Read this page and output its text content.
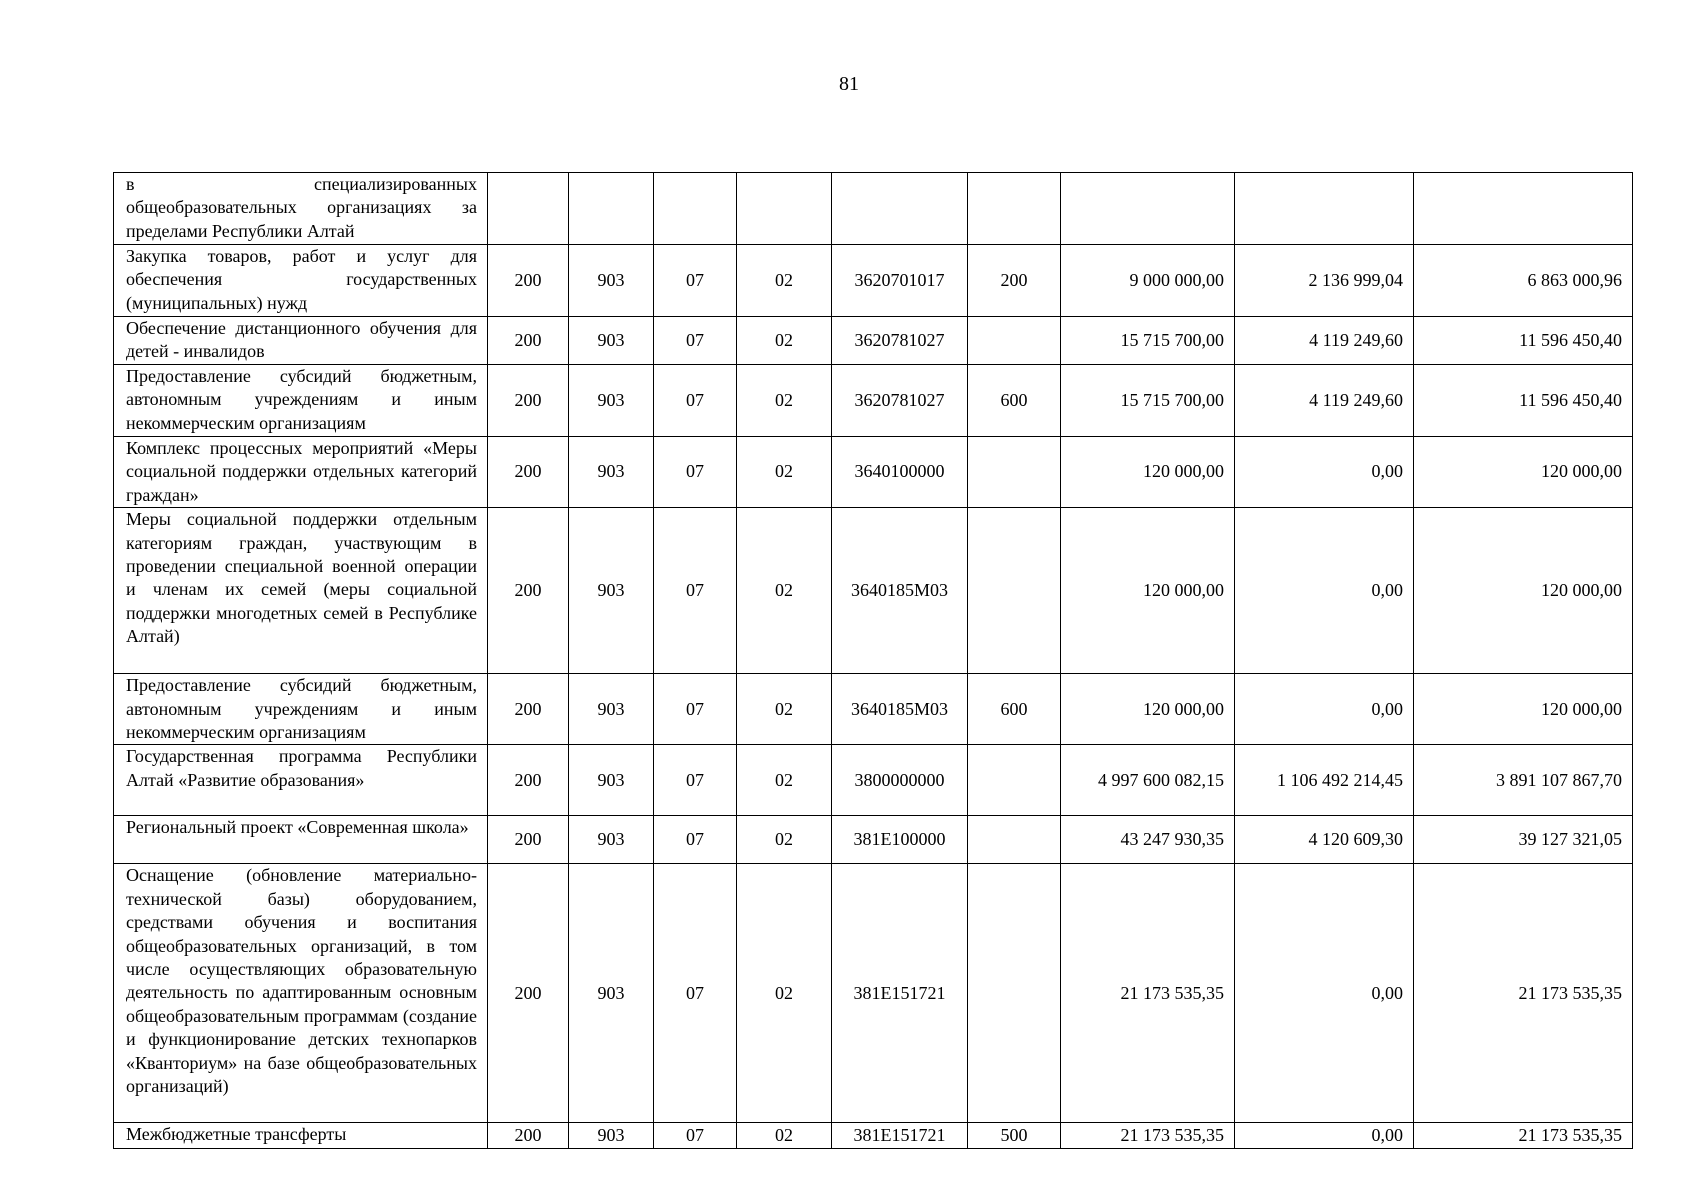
81
в специализированных общеобразовательных организациях за пределами Республики Алтай									
Закупка товаров, работ и услуг для обеспечения государственных (муниципальных) нужд	200	903	07	02	3620701017	200	9 000 000,00	2 136 999,04	6 863 000,96
Обеспечение дистанционного обучения для детей - инвалидов	200	903	07	02	3620781027		15 715 700,00	4 119 249,60	11 596 450,40
Предоставление субсидий бюджетным, автономным учреждениям и иным некоммерческим организациям	200	903	07	02	3620781027	600	15 715 700,00	4 119 249,60	11 596 450,40
Комплекс процессных мероприятий «Меры социальной поддержки отдельных категорий граждан»	200	903	07	02	3640100000		120 000,00	0,00	120 000,00
Меры социальной поддержки отдельным категориям граждан, участвующим в проведении специальной военной операции и членам их семей (меры социальной поддержки многодетных семей в Республике Алтай)	200	903	07	02	3640185М03		120 000,00	0,00	120 000,00
Предоставление субсидий бюджетным, автономным учреждениям и иным некоммерческим организациям	200	903	07	02	3640185М03	600	120 000,00	0,00	120 000,00
Государственная программа Республики Алтай «Развитие образования»	200	903	07	02	3800000000		4 997 600 082,15	1 106 492 214,45	3 891 107 867,70
Региональный проект «Современная школа»	200	903	07	02	381Е100000		43 247 930,35	4 120 609,30	39 127 321,05
Оснащение (обновление материально-технической базы) оборудованием, средствами обучения и воспитания общеобразовательных организаций, в том числе осуществляющих образовательную деятельность по адаптированным основным общеобразовательным программам (создание и функционирование детских технопарков «Кванториум» на базе общеобразовательных организаций)	200	903	07	02	381Е151721		21 173 535,35	0,00	21 173 535,35
Межбюджетные трансферты	200	903	07	02	381Е151721	500	21 173 535,35	0,00	21 173 535,35
